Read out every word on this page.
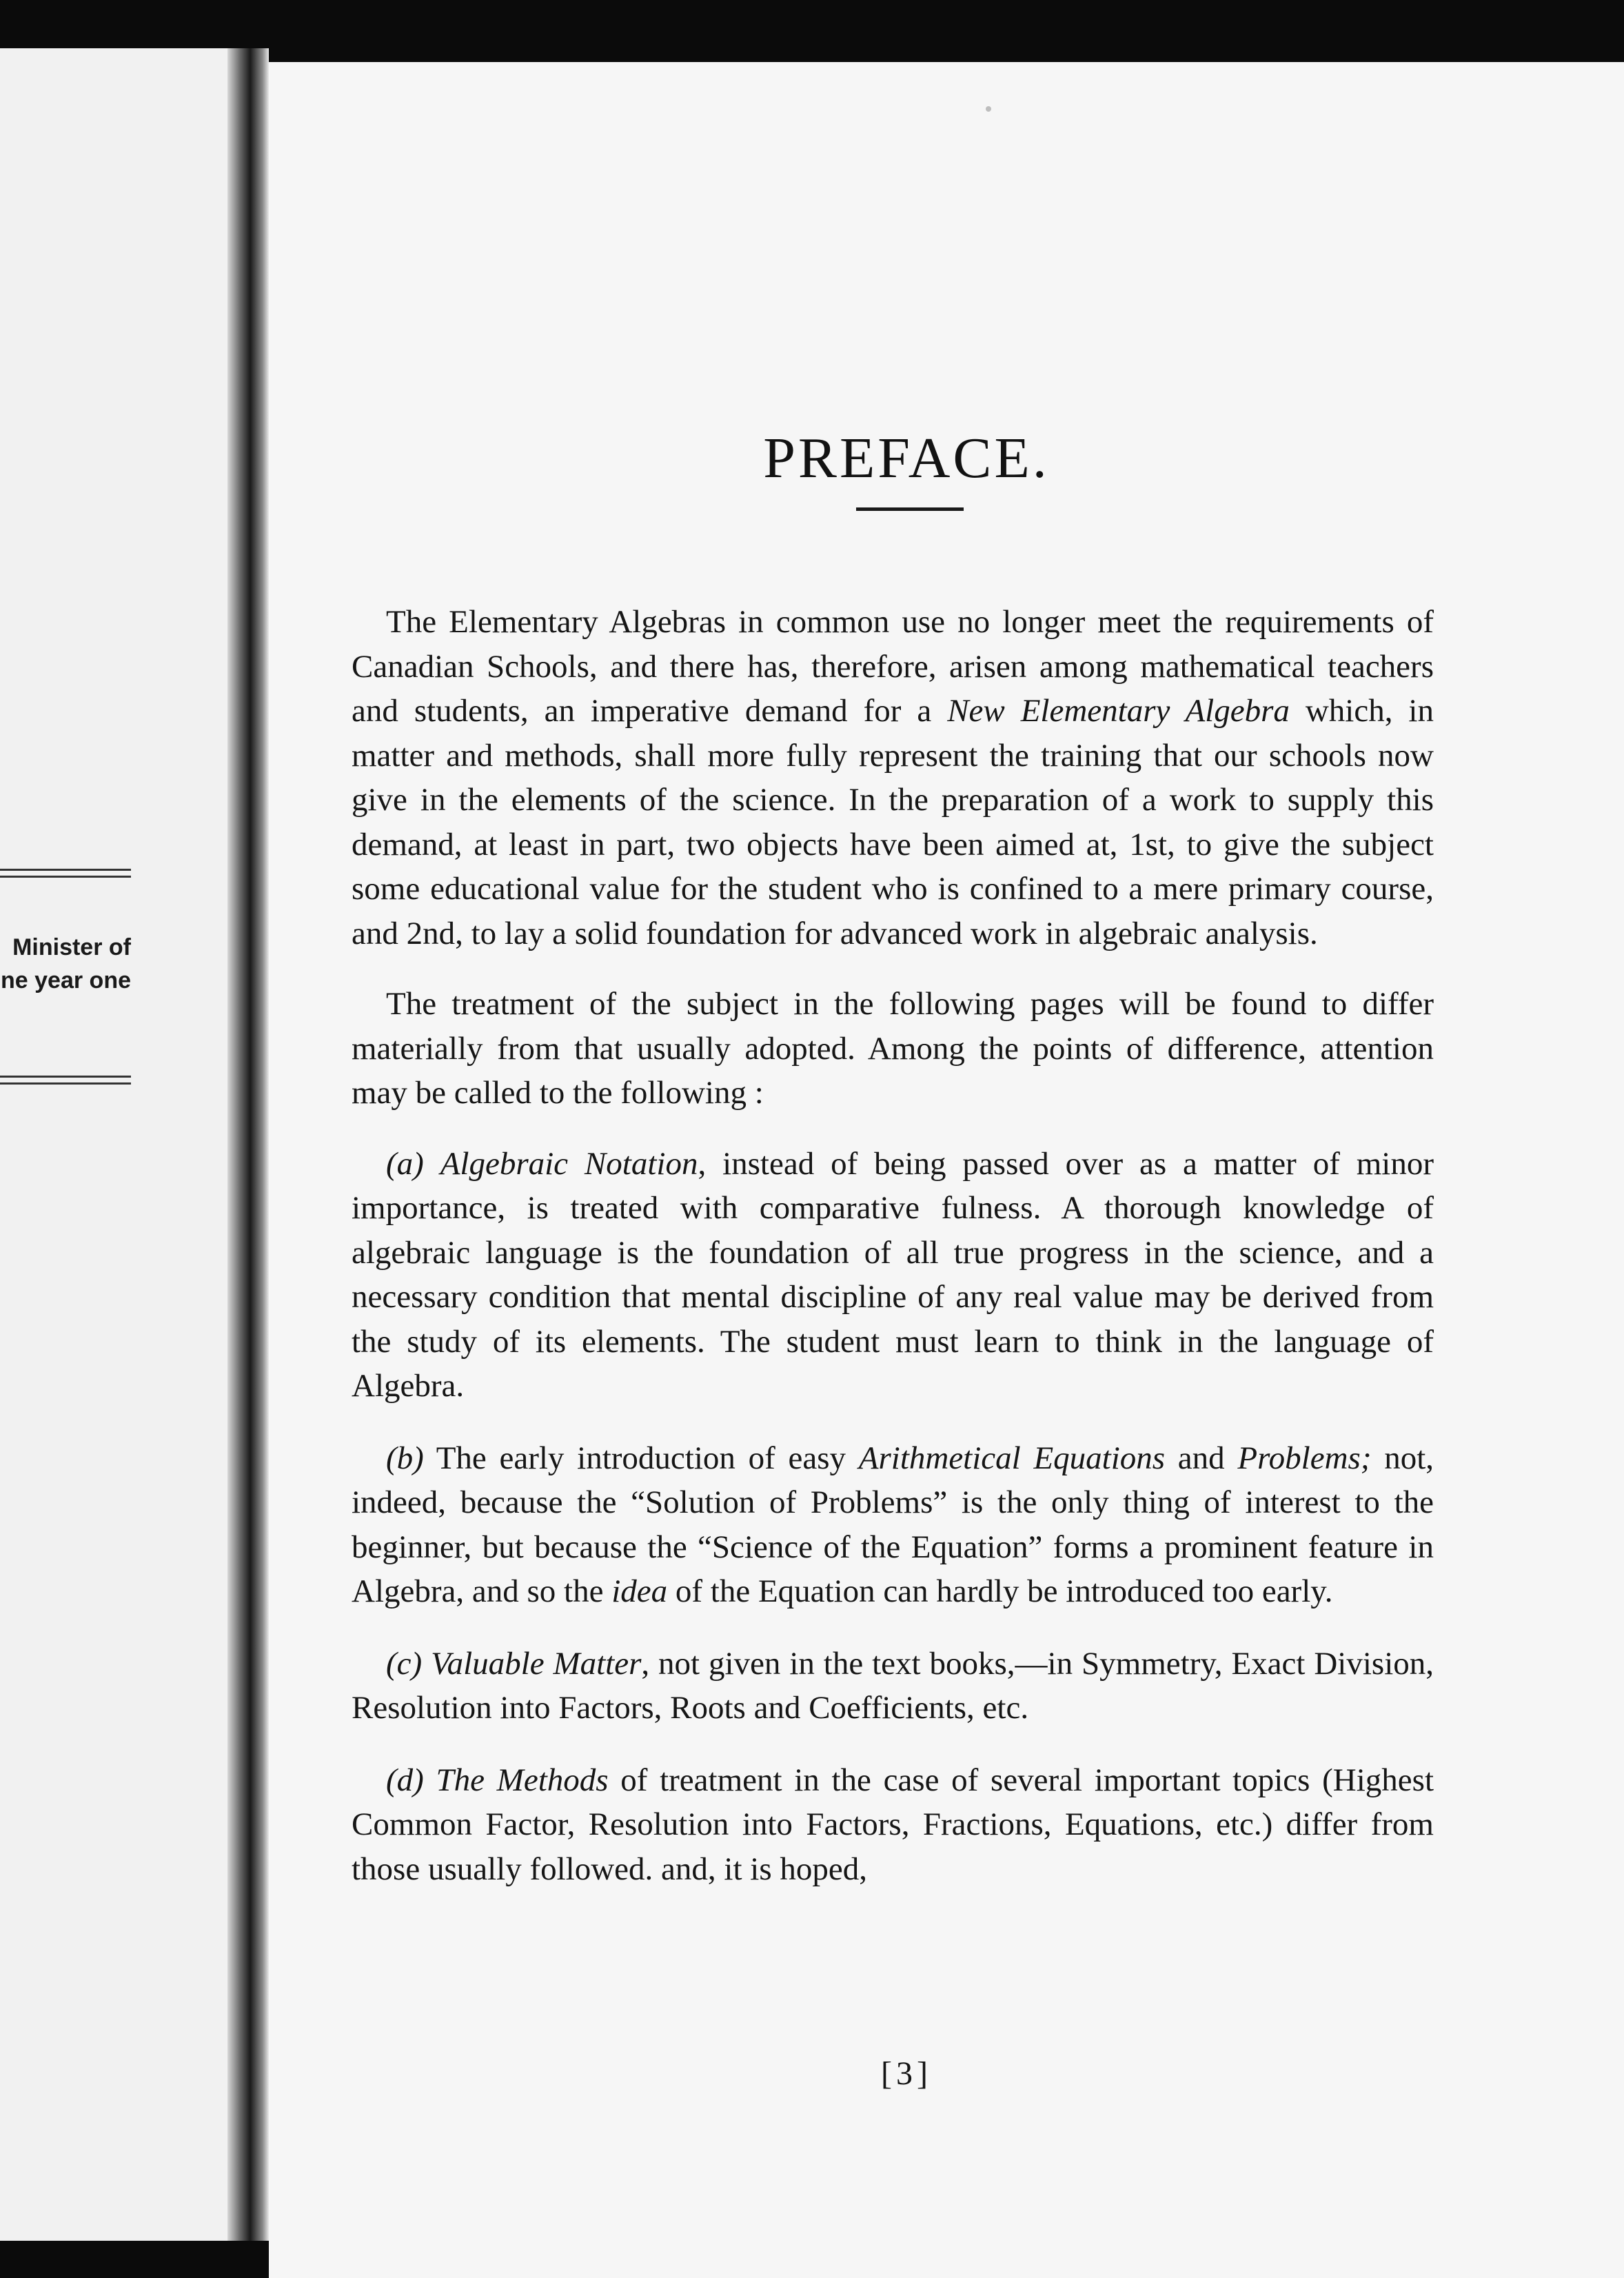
Minister of
ne year one
PREFACE.

The Elementary Algebras in common use no longer meet the requirements of Canadian Schools, and there has, therefore, arisen among mathematical teachers and students, an imperative demand for a New Elementary Algebra which, in matter and methods, shall more fully represent the training that our schools now give in the elements of the science. In the preparation of a work to supply this demand, at least in part, two objects have been aimed at, 1st, to give the subject some educational value for the student who is confined to a mere primary course, and 2nd, to lay a solid foundation for advanced work in algebraic analysis.

The treatment of the subject in the following pages will be found to differ materially from that usually adopted. Among the points of difference, attention may be called to the following :

(a) Algebraic Notation, instead of being passed over as a matter of minor importance, is treated with comparative fulness. A thorough knowledge of algebraic language is the foundation of all true progress in the science, and a necessary condition that mental discipline of any real value may be derived from the study of its elements. The student must learn to think in the language of Algebra.

(b) The early introduction of easy Arithmetical Equations and Problems; not, indeed, because the “Solution of Problems” is the only thing of interest to the beginner, but because the “Science of the Equation” forms a prominent feature in Algebra, and so the idea of the Equation can hardly be introduced too early.

(c) Valuable Matter, not given in the text books,—in Symmetry, Exact Division, Resolution into Factors, Roots and Coefficients, etc.

(d) The Methods of treatment in the case of several important topics (Highest Common Factor, Resolution into Factors, Fractions, Equations, etc.) differ from those usually followed. and, it is hoped,

[3]
